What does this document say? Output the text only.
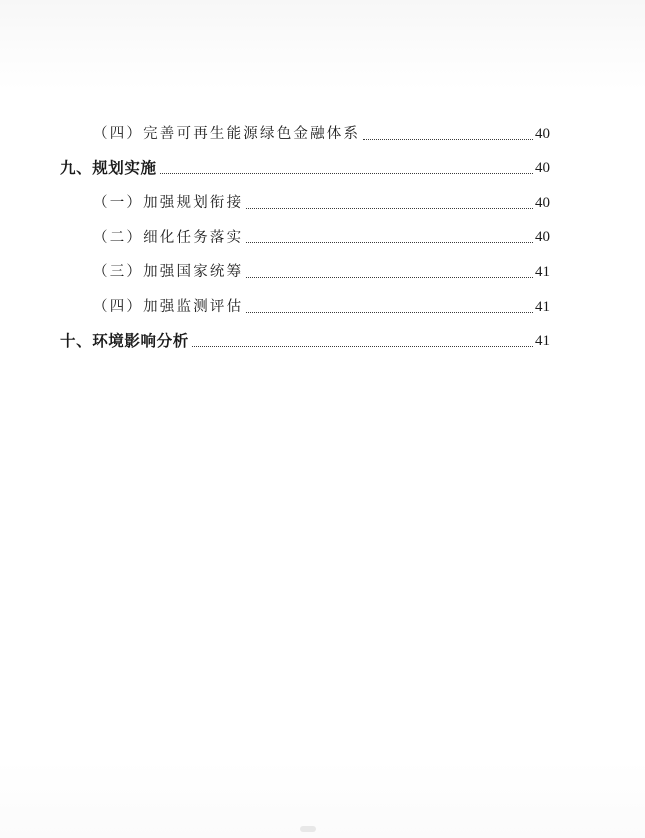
（四）完善可再生能源绿色金融体系	40
九、规划实施	40
（一）加强规划衔接	40
（二）细化任务落实	40
（三）加强国家统筹	41
（四）加强监测评估	41
十、环境影响分析	41
